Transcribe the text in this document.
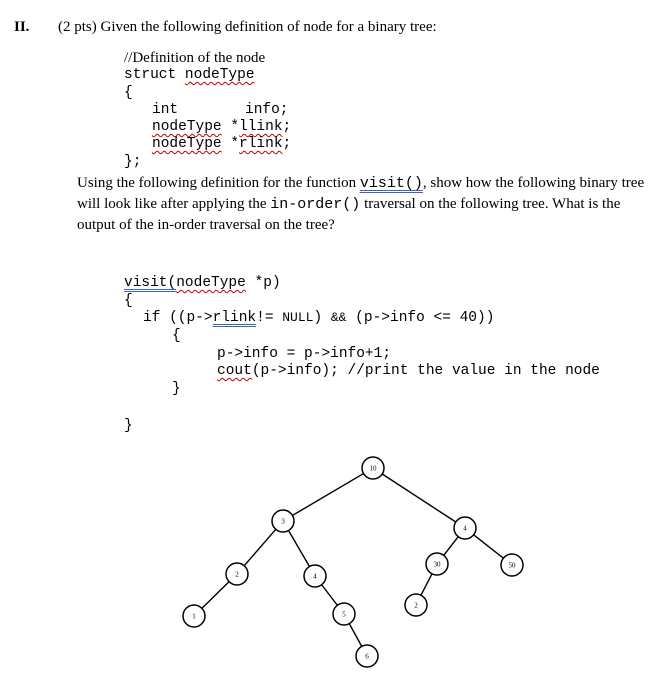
II. (2 pts) Given the following definition of node for a binary tree:
//Definition of the node
struct nodeType
{
int	info;
nodeType *llink;
nodeType *rlink;
};
Using the following definition for the function visit(), show how the following binary tree will look like after applying the in-order() traversal on the following tree. What is the output of the in-order traversal on the tree?
visit(nodeType *p)
{
if ((p->rlink!= NULL) && (p->info <= 40))
{
p->info = p->info+1;
cout(p->info); //print the value in the node
}
}
10
3
4
2	4
30	50
1	5
2
6
